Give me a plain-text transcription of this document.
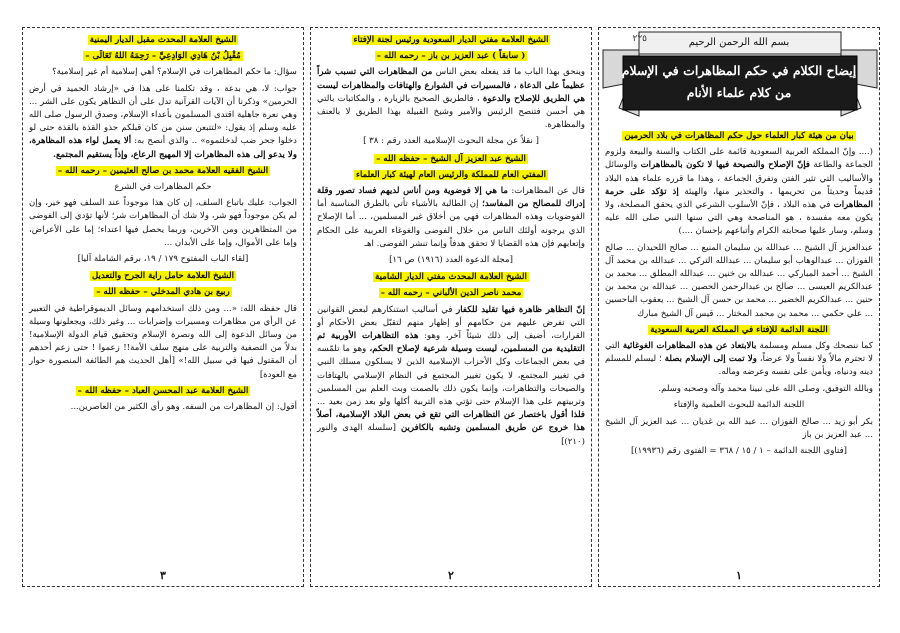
٢٢٥	بسم الله الرحمن الرحيم
إيضاح الكلام في حكم المظاهرات في الإسلام
من كلام علماء الأنام
بيان من هيئة كبار العلماء حول حكم المظاهرات في بلاد الحرمين

(.... وإنّ المملكة العربية السعودية قائمة على الكتاب والسنة والبيعة ولزوم الجماعة والطاعة فإنّ الإصلاح والنصيحة فيها لا تكون بالمظاهرات والوسائل والأساليب التي تثير الفتن وتفرق الجماعة ، وهذا ما قرره علماء هذه البلاد قديماً وحديثاً من تحريمها ، والتحذير منها، والهيئة إذ تؤكد على حرمة المظاهرات في هذه البلاد ، فإنّ الأسلوب الشرعي الذي يحقق المصلحة، ولا يكون معه مفسدة ، هو المناصحة وهي التي سنها النبي صلى الله عليه وسلم، وسار عليها صحابته الكرام وأتباعهم بإحسان ....)

عبدالعزيز آل الشيخ ... عبدالله بن سليمان المنيع ... صالح اللحيدان ... صالح الفوزان ... عبدالوهاب أبو سليمان ... عبدالله التركي ... عبدالله بن محمد آل الشيخ ... أحمد المباركي ... عبدالله بن خنين ... عبدالله المطلق ... محمد بن عبدالكريم العيسى ... صالح بن عبدالرحمن الحصين ... عبدالله بن محمد بن حنين ... عبدالكريم الخضير ... محمد بن حسن آل الشيخ ... يعقوب الباحسين ... علي حكمي ... محمد بن محمد المختار ... قيس آل الشيخ مبارك

اللجنة الدائمة للإفتاء في المملكة العربية السعودية

كما ننصحك وكل مسلم ومسلمة بالابتعاد عن هذه المظاهرات الغوغائية التي لا تحترم مالاً ولا نفساً ولا عرضاً، ولا تمت إلى الإسلام بصلة ؛ ليسلم للمسلم دينه ودنياه، ويأمن على نفسه وعرضه وماله.

وبالله التوفيق، وصلى الله على نبينا محمد وآله وصحبه وسلم.

اللجنة الدائمة للبحوث العلمية والإفتاء

بكر أبو زيد ... صالح الفوزان ... عبد الله بن غديان ... عبد العزيز آل الشيخ ... عبد العزيز بن باز

[فتاوى اللجنة الدائمة – ١ / ١٥ / ٣٦٨ = الفتوى رقم (١٩٩٣٦)]

١
الشيخ العلامة مفتي الديار السعودية ورئيس لجنة الإفتاء
( سابقاً ) عبد العزيز بن باز – رحمه الله –

وينحق بهذا الباب ما قد يفعله بعض الناس من المظاهرات التي تسبب شراً عظيماً على الدعاة ، فالمسيرات في الشوارع والهتافات والمظاهرات ليست هي الطريق للإصلاح والدعوة ، فالطريق الصحيح بالزيارة ، والمكاتبات بالتي هي أحسن فتنصح الرئيس والأمير وشيخ القبيلة بهذا الطريق لا بالعنف والمظاهرة.

[ نقلاً عن مجلة البحوث الإسلامية العدد رقم : ٣٨ ]

الشيخ عبد العزيز آل الشيخ – حفظه الله –
المفتي العام للمملكة والرئيس العام لهيئة كبار العلماء

قال عن المظاهرات: ما هي إلا فوضوية ومن أناس لديهم فساد تصور وقلة إدراك للمصالح من المفاسد؛ إن الطالبة بالأشياء تأتي بالطرق المناسبة أما الفوضويات وهذه المظاهرات فهي من أخلاق غير المسلمين، ... أما الإصلاح الذي يرجونه أولئك الناس من خلال الفوضى والغوغاء العربية على الحكام وإتعابهم فإن هذه القضايا لا تحقق هدفاً وإنما تنشر الفوضى. اهـ

[مجلة الدعوة العدد (١٩١٦) ص ١٦]

الشيخ العلامة المحدث مفتي الديار الشامية
محمد ناصر الدين الألباني – رحمه الله –

إنّ التظاهر ظاهرة فيها تقليد للكفار في أساليب استنكارهم لبعض القوانين التي تفرض عليهم من حكامهم أو إظهار منهم لتقبّل بعض الأحكام أو القرارات، أضيف إلى ذلك شيئاً آخر، وهو: هذه التظاهرات الأوربية ثم التقليدية من المسلمين، ليست وسيلة شرعية لإصلاح الحكم، وهو ما تلمّسه في بعض الجماعات وكل الأحزاب الإسلامية الذين لا يسلكون مسلك النبي في تغيير المجتمع، لا يكون تغيير المجتمع في النظام الإسلامي بالهتافات والصيحات والتظاهرات، وإنما يكون ذلك بالصمت وبث العلم بين المسلمين وتربيتهم على هذا الإسلام حتى تؤتي هذه التربية أكلها ولو بعد زمن بعيد ... فلذا أقول باختصار عن التظاهرات التي تقع في بعض البلاد الإسلامية، أصلاً هذا خروج عن طريق المسلمين وتشبه بالكافرين [سلسلة الهدى والنور (٢١٠)]

٢
الشيخ العلامة المحدث مقبل الديار اليمنية
مُقْبِلُ بْنُ هَادِي الوَادِعِيِّ – رَحِمَهُ اللهُ تَعَالَى –

سؤال: ما حكم المظاهرات في الإسلام؟ أهي إسلامية أم غير إسلامية؟

جواب: لا، هي بدعة ، وقد تكلمنا على هذا في «إرشاد الحميد في أرض الحرمين» وذكرنا أن الآيات القرآنية تدل على أن التظاهر يكون على الشر ... وهي نعرة جاهلية اقتدى المسلمون بأعداء الإسلام، وصدق الرسول صلى الله عليه وسلم إذ يقول: «لتتبعن سنن من كان قبلكم حذو القذة بالقذة حتى لو دخلوا جحر ضب لدخلتموه» .. والذي أنصح به: ألا يعمل لواء هذه المظاهرة، ولا يدعو إلى هذه المظاهرات إلا المهيج الرعاع، وإذاً يستقيم المجتمع.

الشيخ الفقيه العلامة محمد بن صالح العثيمين – رحمه الله –
حكم المظاهرات في الشرع

الجواب: عليك باتباع السلف، إن كان هذا موجوداً عند السلف فهو خير، وإن لم يكن موجوداً فهو شر، ولا شك أن المظاهرات شر؛ لأنها تؤدي إلى الفوضى من المتظاهرين ومن الآخرين، وربما يحصل فيها اعتداء؛ إما على الأعراض، وإما على الأموال، وإما على الأبدان ...

[لقاء الباب المفتوح ١٧٩ / ١٩، برقم الشاملة آليا]

الشيخ العلامة حامل راية الجرح والتعديل
ربيع بن هادي المدخلي – حفظه الله –

قال حفظه الله: «... ومن ذلك استخدامهم وسائل الديموقراطية في التعبير عن الرأي من مظاهرات ومسيرات وإضرابات ... وغير ذلك، ويجعلونها وسيلة من وسائل الدعوة إلى الله ونصرة الإسلام وتحقيق قيام الدولة الإسلامية! بدلاً من التصفية والتربية على منهج سلف الأمة!! زعموا ! حتى زعم أحدهم أن المقتول فيها في سبيل الله!» [أهل الحديث هم الطائفة المنصورة حوار مع العودة]

الشيخ العلامة عبد المحسن العباد – حفظه الله –

أقول: إن المظاهرات من السفه. وهو رأي الكثير من العاصرين...

٣
